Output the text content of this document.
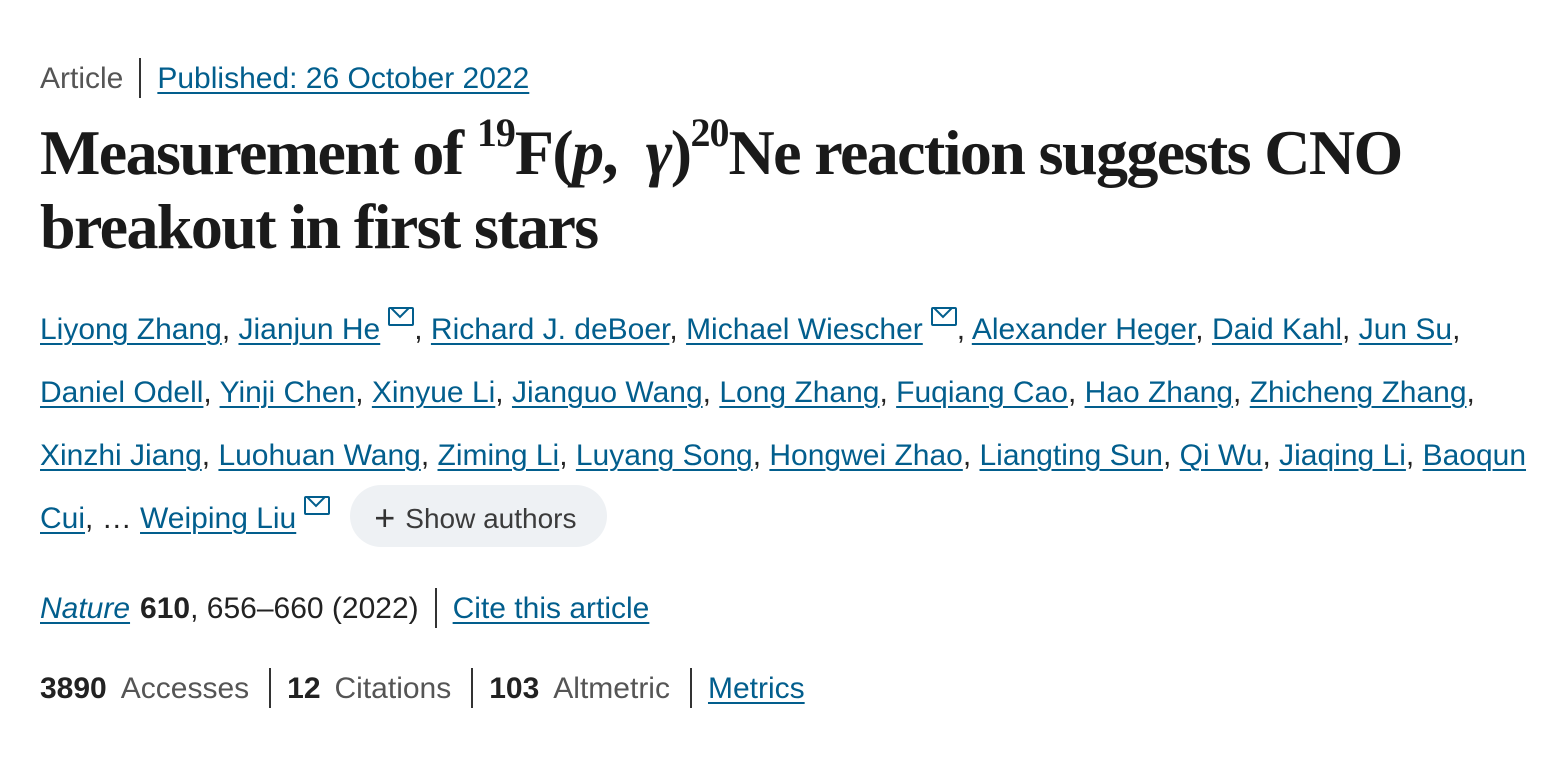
Article Published: 26 October 2022
Measurement of $^{19}$F(p,  γ)$^{20}$Ne reaction suggests CNO breakout in first stars
Liyong Zhang, Jianjun He , Richard J. deBoer, Michael Wiescher , Alexander Heger, Daid Kahl, Jun Su, Daniel Odell, Yinji Chen, Xinyue Li, Jianguo Wang, Long Zhang, Fuqiang Cao, Hao Zhang, Zhicheng Zhang, Xinzhi Jiang, Luohuan Wang, Ziming Li, Luyang Song, Hongwei Zhao, Liangting Sun, Qi Wu, Jiaqing Li, Baoqun Cui, … Weiping Liu + Show authors
Nature 610, 656–660 (2022) Cite this article
3890 Accesses 12 Citations 103 Altmetric Metrics
